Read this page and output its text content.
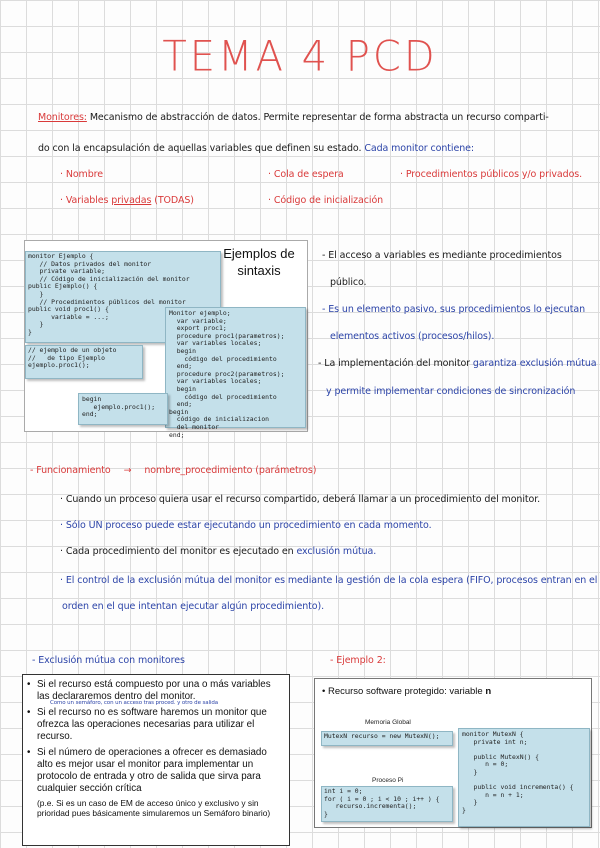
TEMA 4 PCD
Monitores: Mecanismo de abstracción de datos. Permite representar de forma abstracta un recurso comparti-
do con la encapsulación de aquellas variables que definen su estado. Cada monitor contiene:
· Nombre	· Cola de espera	· Procedimientos públicos y/o privados.
· Variables privadas (TODAS)	· Código de inicialización
Ejemplos de
sintaxis
monitor Ejemplo {
// Datos privados del monitor
private variable;
// Código de inicialización del monitor
public Ejemplo() {
}
// Procedimientos públicos del monitor
public void proc1() {
variable = ...;
}
}
// ejemplo de un objeto
//   de tipo Ejemplo
ejemplo.proc1();
Monitor ejemplo;
var variable;
export proc1;
procedure proc1(parametros);
var variables locales;
begin
código del procedimiento
end;
procedure proc2(parametros);
var variables locales;
begin
código del procedimiento
end;
begin
código de inicializacion
del monitor
end;
begin
ejemplo.proc1();
end;
- El acceso a variables es mediante procedimientos
público.
- Es un elemento pasivo, sus procedimientos lo ejecutan
elementos activos (procesos/hilos).
- La implementación del monitor garantiza exclusión mútua
y permite implementar condiciones de sincronización
- Funcionamiento → nombre_procedimiento (parámetros)
· Cuando un proceso quiera usar el recurso compartido, deberá llamar a un procedimiento del monitor.
· Sólo UN proceso puede estar ejecutando un procedimiento en cada momento.
· Cada procedimiento del monitor es ejecutado en exclusión mútua.
· El control de la exclusión mútua del monitor es mediante la gestión de la cola espera (FIFO, procesos entran en el
orden en el que intentan ejecutar algún procedimiento).
- Exclusión mútua con monitores
• Si el recurso está compuesto por una o más variables las declararemos dentro del monitor.
• Si el recurso no es software haremos un monitor que ofrezca las operaciones necesarias para utilizar el recurso.
• Si el número de operaciones a ofrecer es demasiado alto es mejor usar el monitor para implementar un protocolo de entrada y otro de salida que sirva para cualquier sección crítica
(p.e. Si es un caso de EM de acceso único y exclusivo y sin prioridad pues básicamente simularemos un Semáforo binario)
Como un semáforo, con un acceso tras proced. y otro de salida
- Ejemplo 2:
• Recurso software protegido: variable n
Memoria Global
MutexN recurso = new MutexN();
Proceso Pi
int i = 0;
for ( i = 0 ; i < 10 ; i++ ) {
recurso.incrementa();
}
monitor MutexN {
private int n;

public MutexN() {
n = 0;
}

public void incrementa() {
n = n + 1;
}
}
